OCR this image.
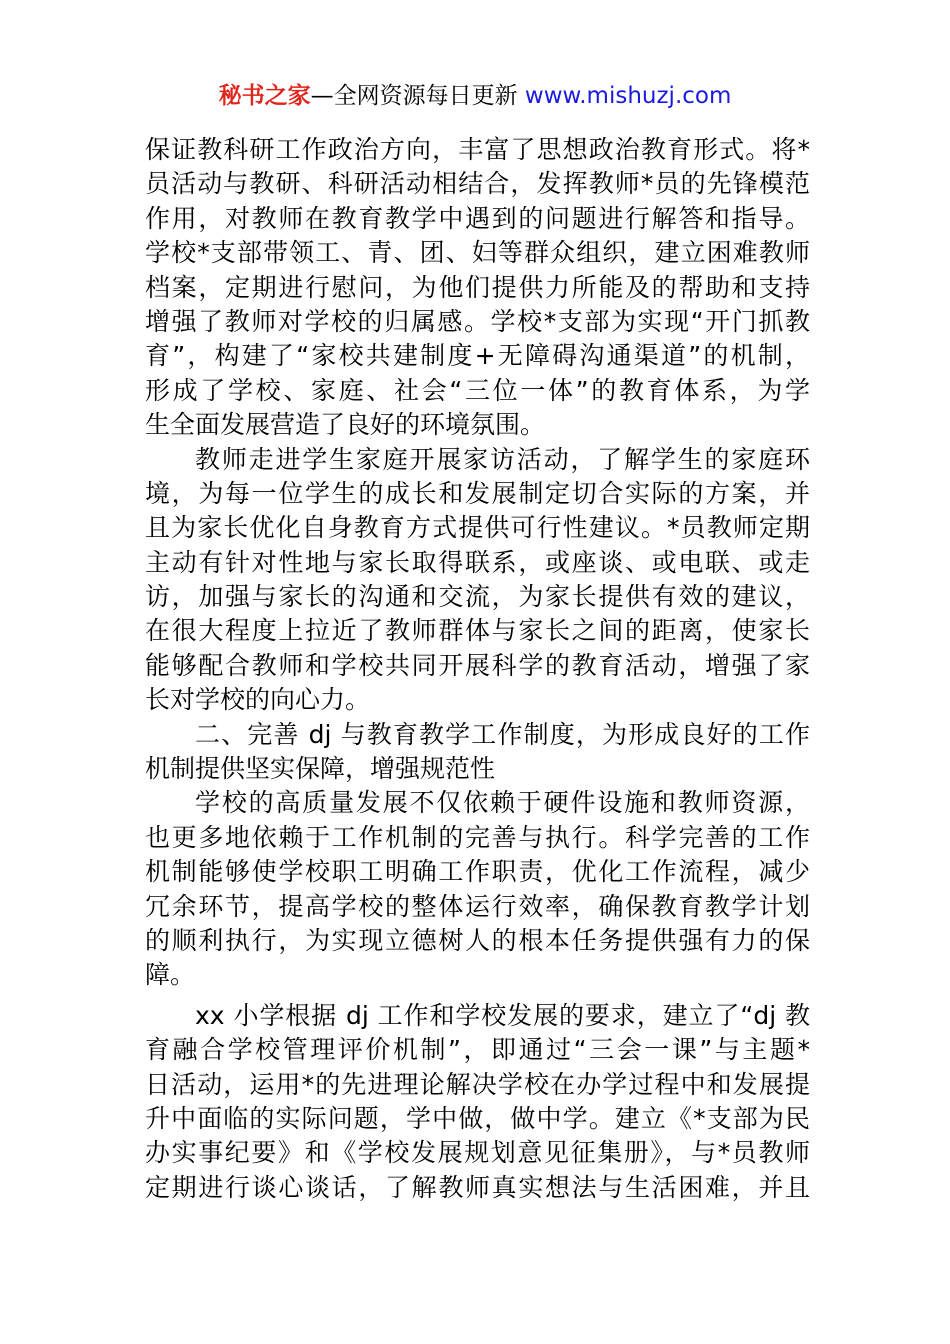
秘书之家—全网资源每日更新 www.mishuzj.com
保证教科研工作政治方向，丰富了思想政治教育形式。将*
员活动与教研、科研活动相结合，发挥教师*员的先锋模范
作用，对教师在教育教学中遇到的问题进行解答和指导。
学校*支部带领工、青、团、妇等群众组织，建立困难教师
档案，定期进行慰问，为他们提供力所能及的帮助和支持
增强了教师对学校的归属感。学校*支部为实现“开门抓教
育”，构建了“家校共建制度+无障碍沟通渠道”的机制，
形成了学校、家庭、社会“三位一体”的教育体系，为学
生全面发展营造了良好的环境氛围。
教师走进学生家庭开展家访活动，了解学生的家庭环
境，为每一位学生的成长和发展制定切合实际的方案，并
且为家长优化自身教育方式提供可行性建议。*员教师定期
主动有针对性地与家长取得联系，或座谈、或电联、或走
访，加强与家长的沟通和交流，为家长提供有效的建议，
在很大程度上拉近了教师群体与家长之间的距离，使家长
能够配合教师和学校共同开展科学的教育活动，增强了家
长对学校的向心力。
二、完善 dj 与教育教学工作制度，为形成良好的工作
机制提供坚实保障，增强规范性
学校的高质量发展不仅依赖于硬件设施和教师资源，
也更多地依赖于工作机制的完善与执行。科学完善的工作
机制能够使学校职工明确工作职责，优化工作流程，减少
冗余环节，提高学校的整体运行效率，确保教育教学计划
的顺利执行，为实现立德树人的根本任务提供强有力的保
障。
xx 小学根据 dj 工作和学校发展的要求，建立了“dj 教
育融合学校管理评价机制”，即通过“三会一课”与主题*
日活动，运用*的先进理论解决学校在办学过程中和发展提
升中面临的实际问题，学中做，做中学。建立《*支部为民
办实事纪要》和《学校发展规划意见征集册》，与*员教师
定期进行谈心谈话，了解教师真实想法与生活困难，并且
